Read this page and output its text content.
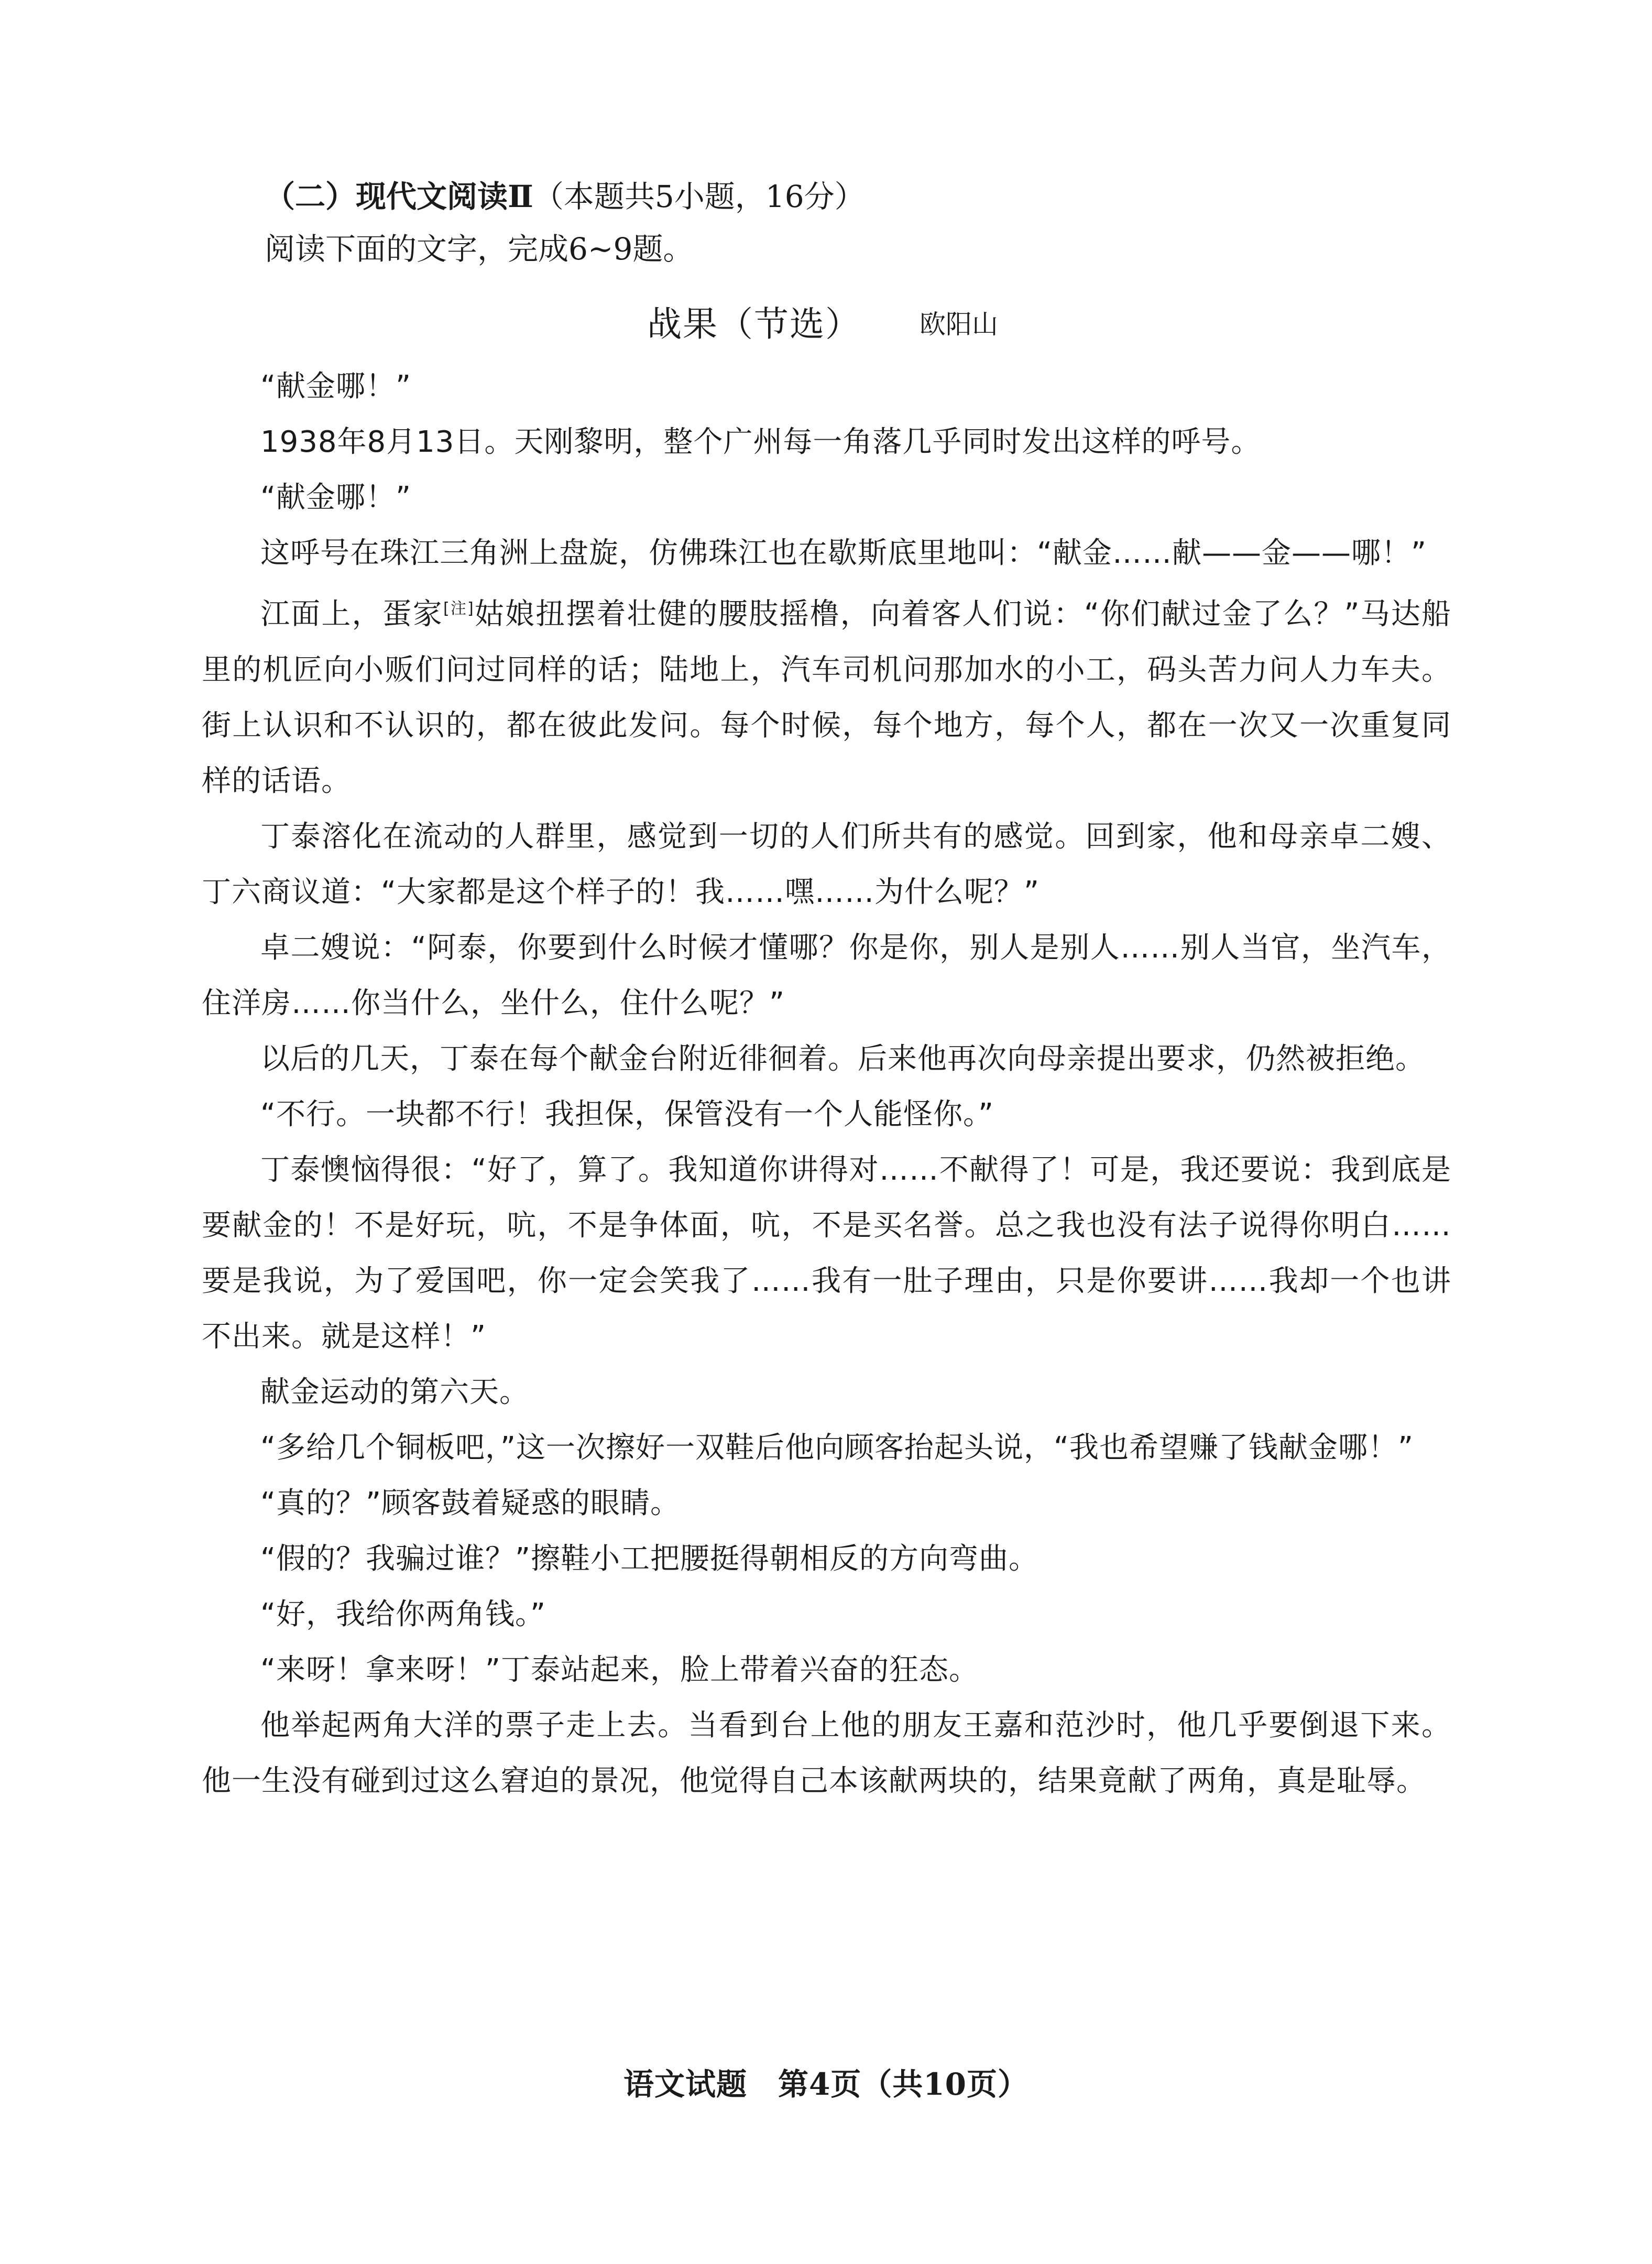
（二）现代文阅读Ⅱ（本题共5小题，16分）
阅读下面的文字，完成6~9题。
战果（节选） 欧阳山

“献金哪！”

1938年8月13日。天刚黎明，整个广州每一角落几乎同时发出这样的呼号。

“献金哪！”

这呼号在珠江三角洲上盘旋，仿佛珠江也在歇斯底里地叫：“献金……献——金——哪！”

江面上，蛋家[注]姑娘扭摆着壮健的腰肢摇橹，向着客人们说：“你们献过金了么？”马达船里的机匠向小贩们问过同样的话；陆地上，汽车司机问那加水的小工，码头苦力问人力车夫。街上认识和不认识的，都在彼此发问。每个时候，每个地方，每个人，都在一次又一次重复同样的话语。

丁泰溶化在流动的人群里，感觉到一切的人们所共有的感觉。回到家，他和母亲卓二嫂、丁六商议道：“大家都是这个样子的！我……嘿……为什么呢？”

卓二嫂说：“阿泰，你要到什么时候才懂哪？你是你，别人是别人……别人当官，坐汽车，住洋房……你当什么，坐什么，住什么呢？”

以后的几天，丁泰在每个献金台附近徘徊着。后来他再次向母亲提出要求，仍然被拒绝。

“不行。一块都不行！我担保，保管没有一个人能怪你。”

丁泰懊恼得很：“好了，算了。我知道你讲得对……不献得了！可是，我还要说：我到底是要献金的！不是好玩，吭，不是争体面，吭，不是买名誉。总之我也没有法子说得你明白……要是我说，为了爱国吧，你一定会笑我了……我有一肚子理由，只是你要讲……我却一个也讲不出来。就是这样！”

献金运动的第六天。

“多给几个铜板吧，”这一次擦好一双鞋后他向顾客抬起头说，“我也希望赚了钱献金哪！”

“真的？”顾客鼓着疑惑的眼睛。

“假的？我骗过谁？”擦鞋小工把腰挺得朝相反的方向弯曲。

“好，我给你两角钱。”

“来呀！拿来呀！”丁泰站起来，脸上带着兴奋的狂态。

他举起两角大洋的票子走上去。当看到台上他的朋友王嘉和范沙时，他几乎要倒退下来。他一生没有碰到过这么窘迫的景况，他觉得自己本该献两块的，结果竟献了两角，真是耻辱。

语文试题　第4页（共10页）
